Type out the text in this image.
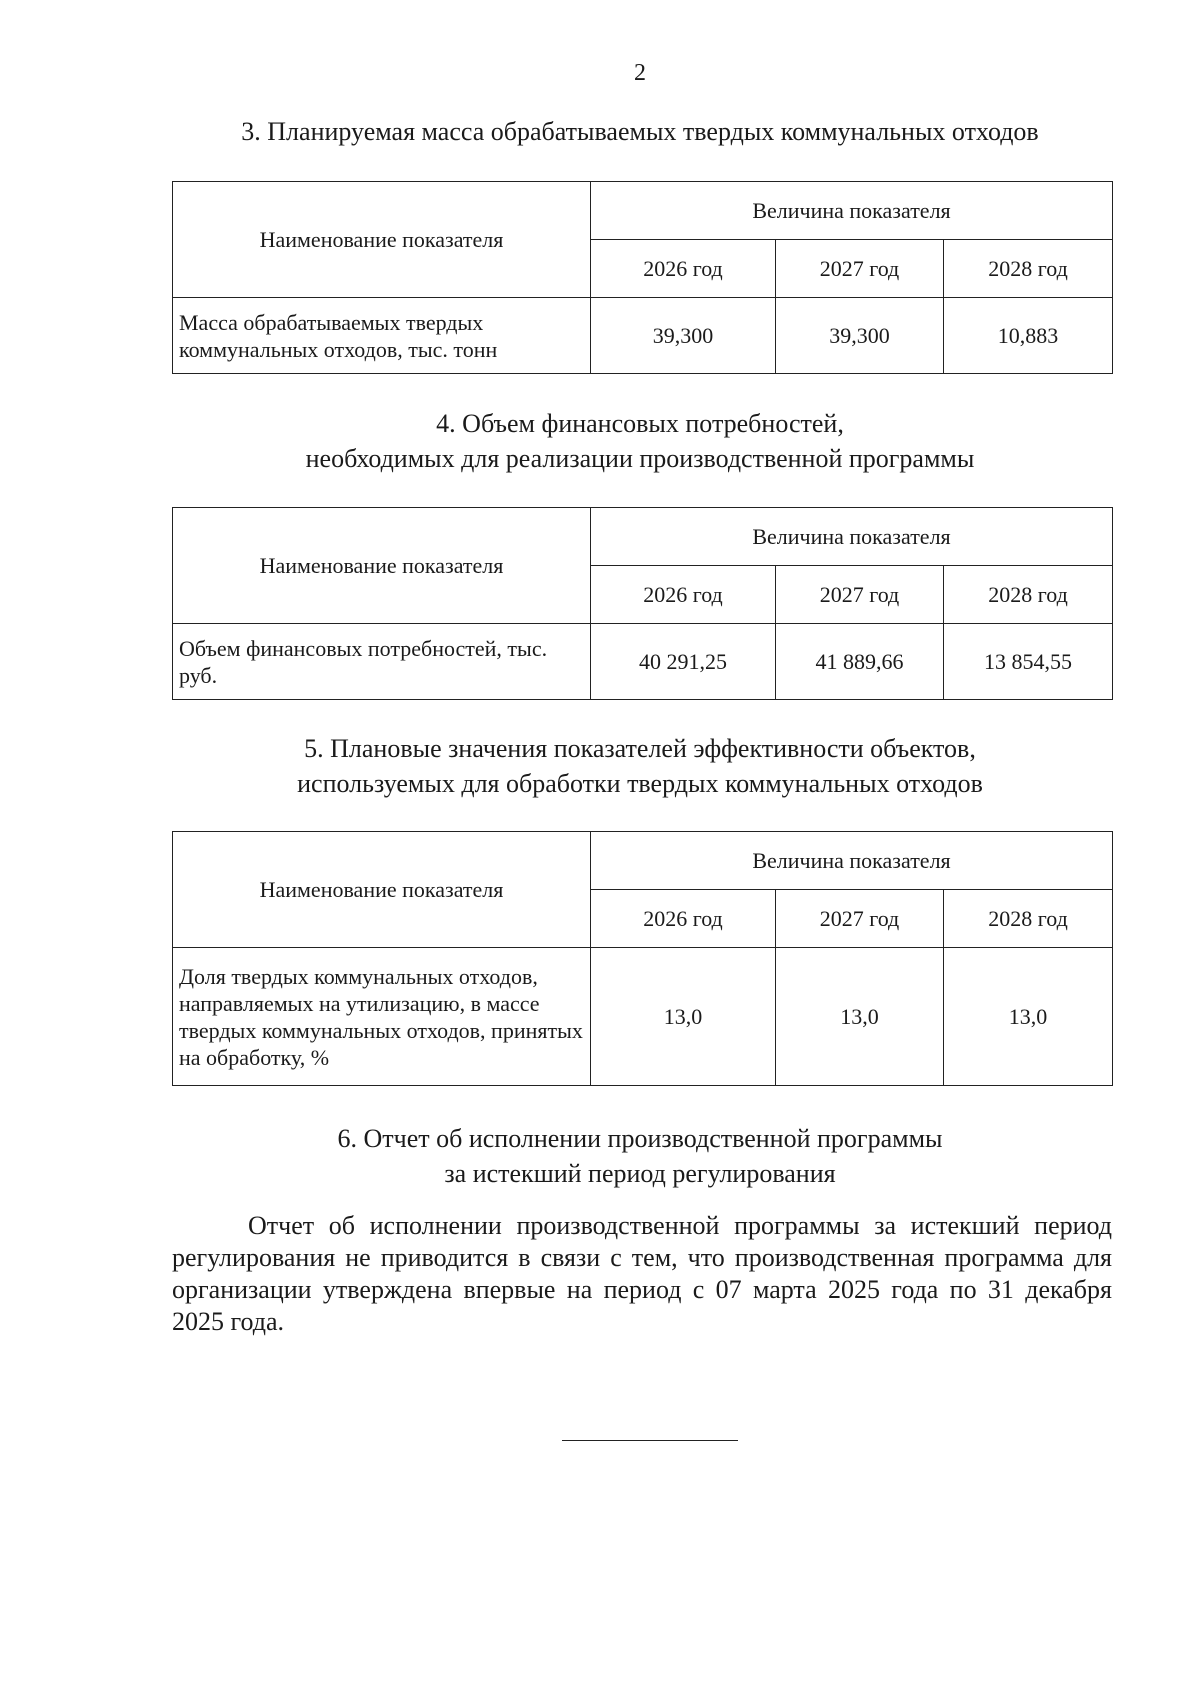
2
3. Планируемая масса обрабатываемых твердых коммунальных отходов
Наименование показателя	Величина показателя		
	2026 год	2027 год	2028 год
Масса обрабатываемых твердых коммунальных отходов, тыс. тонн	39,300	39,300	10,883
4. Объем финансовых потребностей,
необходимых для реализации производственной программы
Наименование показателя	Величина показателя		
	2026 год	2027 год	2028 год
Объем финансовых потребностей, тыс. руб.	40 291,25	41 889,66	13 854,55
5. Плановые значения показателей эффективности объектов,
используемых для обработки твердых коммунальных отходов
Наименование показателя	Величина показателя		
	2026 год	2027 год	2028 год
Доля твердых коммунальных отходов, направляемых на утилизацию, в массе твердых коммунальных отходов, принятых на обработку, %	13,0	13,0	13,0
6. Отчет об исполнении производственной программы
за истекший период регулирования
Отчет об исполнении производственной программы за истекший период регулирования не приводится в связи с тем, что производственная программа для организации утверждена впервые на период с 07 марта 2025 года по 31 декабря 2025 года.
